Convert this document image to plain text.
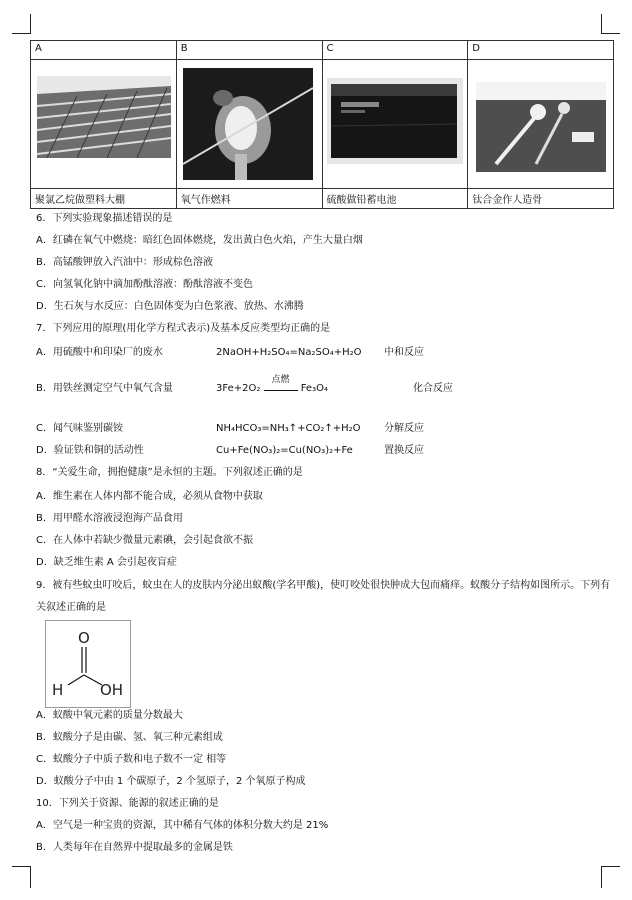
A	B	C	D

聚氯乙烷做塑料大棚	氧气作燃料	硫酸做铅蓄电池	钛合金作人造骨

6．下列实验现象描述错误的是

A．红磷在氧气中燃烧：暗红色固体燃烧，发出黄白色火焰，产生大量白烟

B．高锰酸钾放入汽油中：形成棕色溶液

C．向氢氧化钠中滴加酚酞溶液：酚酞溶液不变色

D．生石灰与水反应：白色固体变为白色浆液、放热、水沸腾

7．下列应用的原理(用化学方程式表示)及基本反应类型均正确的是

A．用硫酸中和印染厂的废水	2NaOH+H₂SO₄=Na₂SO₄+H₂O 中和反应

B．用铁丝测定空气中氧气含量	3Fe+2O₂
点燃
Fe₃O₄	化合反应

C．闻气味鉴别碳铵	NH₄HCO₃=NH₃↑+CO₂↑+H₂O 分解反应

D．验证铁和铜的活动性	Cu+Fe(NO₃)₂=Cu(NO₃)₂+Fe	置换反应

8．“关爱生命，拥抱健康”是永恒的主题。下列叙述正确的是

A．维生素在人体内都不能合成，必须从食物中获取

B．用甲醛水溶液浸泡海产品食用

C．在人体中若缺少微量元素碘，会引起食欲不振

D．缺乏维生素 A 会引起夜盲症

9．被有些蚊虫叮咬后，蚊虫在人的皮肤内分泌出蚁酸(学名甲酸)，使叮咬处很快肿成大包而痛痒。蚁酸分子结构如图所示。下列有关叙述正确的是

O
H OH

A．蚁酸中氧元素的质量分数最大

B．蚁酸分子是由碳、氢、氧三种元素组成

C．蚁酸分子中质子数和电子数不一定 相等

D．蚁酸分子中由 1 个碳原子，2 个氢原子，2 个氧原子构成

10．下列关于资源、能源的叙述正确的是

A．空气是一种宝贵的资源，其中稀有气体的体积分数大约是 21%

B．人类每年在自然界中提取最多的金属是铁
